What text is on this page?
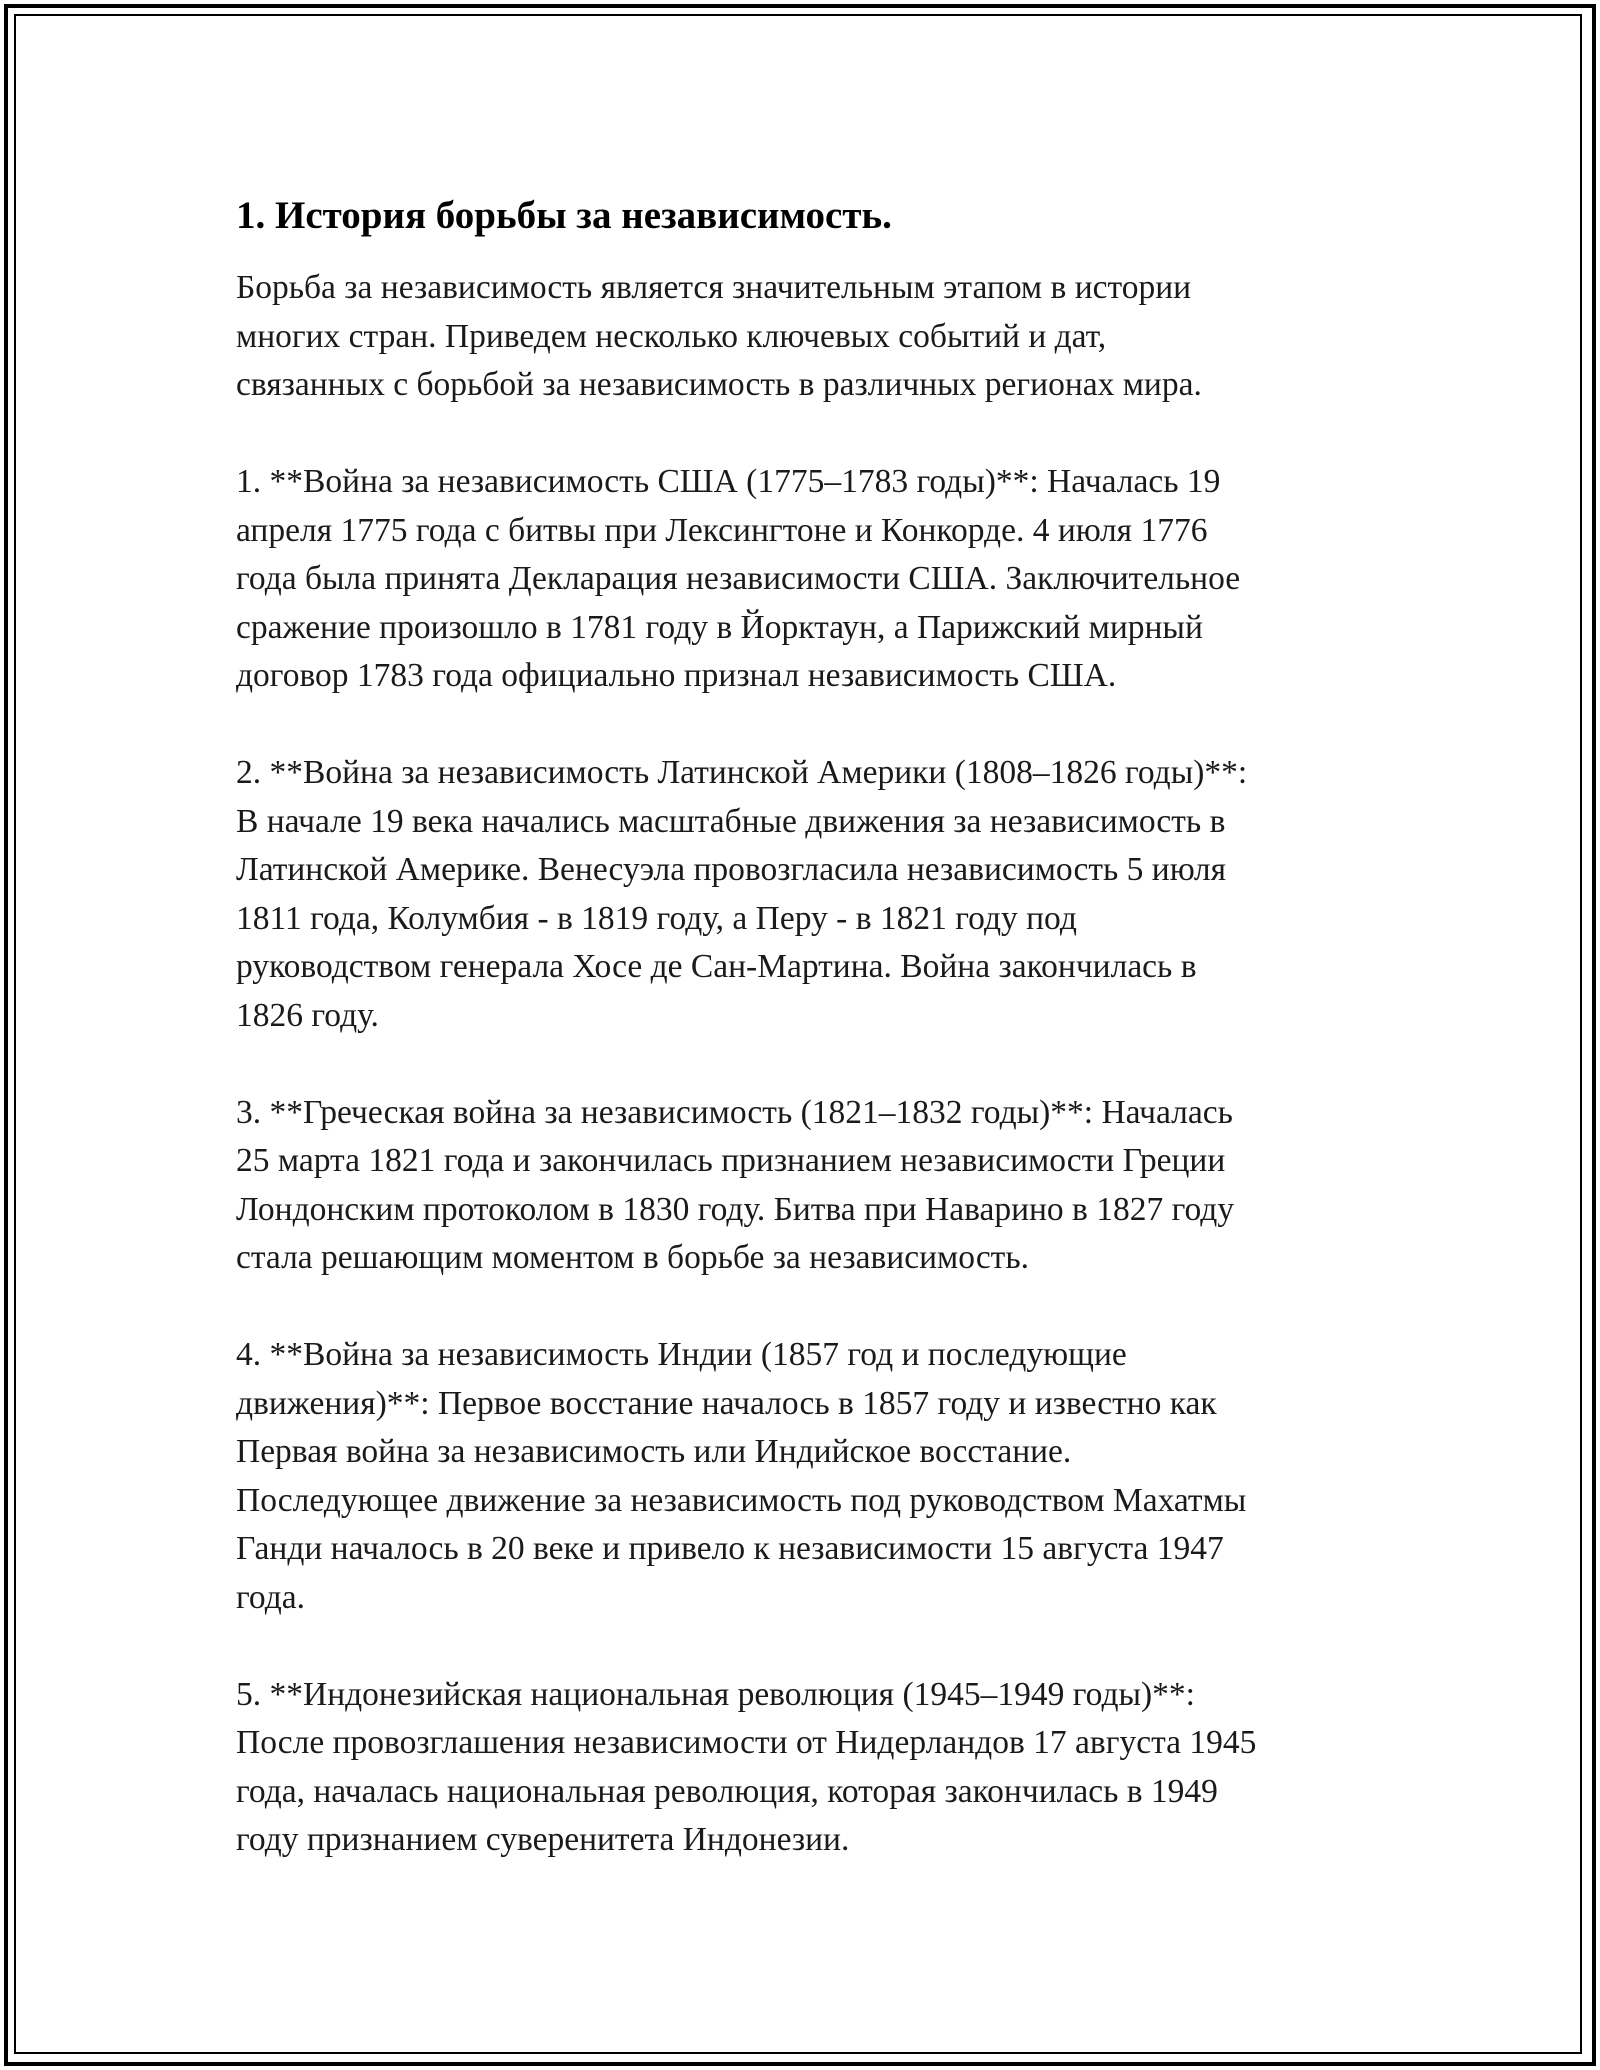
1. История борьбы за независимость.

Борьба за независимость является значительным этапом в истории
многих стран. Приведем несколько ключевых событий и дат,
связанных с борьбой за независимость в различных регионах мира.

1. **Война за независимость США (1775–1783 годы)**: Началась 19
апреля 1775 года с битвы при Лексингтоне и Конкорде. 4 июля 1776
года была принята Декларация независимости США. Заключительное
сражение произошло в 1781 году в Йорктаун, а Парижский мирный
договор 1783 года официально признал независимость США.

2. **Война за независимость Латинской Америки (1808–1826 годы)**:
В начале 19 века начались масштабные движения за независимость в
Латинской Америке. Венесуэла провозгласила независимость 5 июля
1811 года, Колумбия - в 1819 году, а Перу - в 1821 году под
руководством генерала Хосе де Сан-Мартина. Война закончилась в
1826 году.

3. **Греческая война за независимость (1821–1832 годы)**: Началась
25 марта 1821 года и закончилась признанием независимости Греции
Лондонским протоколом в 1830 году. Битва при Наварино в 1827 году
стала решающим моментом в борьбе за независимость.

4. **Война за независимость Индии (1857 год и последующие
движения)**: Первое восстание началось в 1857 году и известно как
Первая война за независимость или Индийское восстание.
Последующее движение за независимость под руководством Махатмы
Ганди началось в 20 веке и привело к независимости 15 августа 1947
года.

5. **Индонезийская национальная революция (1945–1949 годы)**:
После провозглашения независимости от Нидерландов 17 августа 1945
года, началась национальная революция, которая закончилась в 1949
году признанием суверенитета Индонезии.
